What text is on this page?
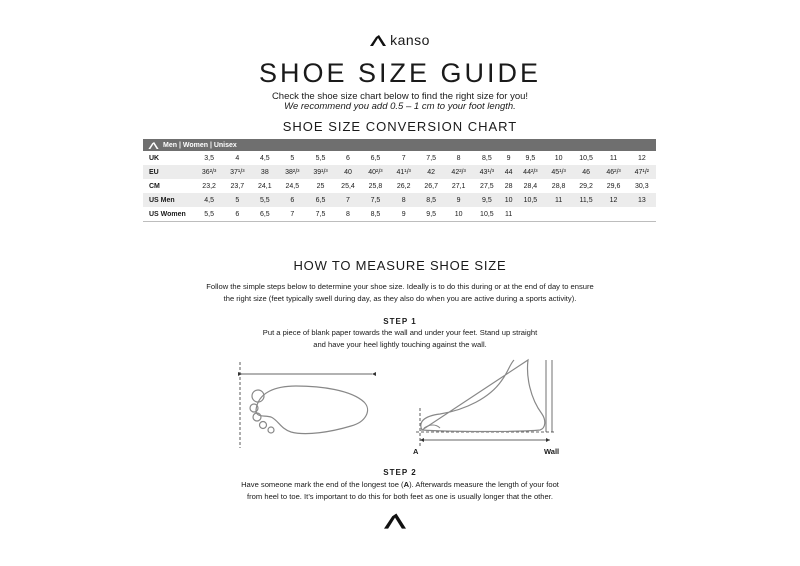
kanso
SHOE SIZE GUIDE
Check the shoe size chart below to find the right size for you!
We recommend you add 0.5 – 1 cm to your foot length.
SHOE SIZE CONVERSION CHART
Men | Women | Unisex																	

UK	3,5	4	4,5	5	5,5	6	6,5	7	7,5	8	8,5	9	9,5	10	10,5	11	12
EU	36²/³	37¹/³	38	38²/³	39¹/³	40	40²/³	41¹/³	42	42²/³	43¹/³	44	44²/³	45¹/³	46	46²/³	47¹/²
CM	23,2	23,7	24,1	24,5	25	25,4	25,8	26,2	26,7	27,1	27,5	28	28,4	28,8	29,2	29,6	30,3
US Men	4,5	5	5,5	6	6,5	7	7,5	8	8,5	9	9,5	10	10,5	11	11,5	12	13
US Women	5,5	6	6,5	7	7,5	8	8,5	9	9,5	10	10,5	11					
HOW TO MEASURE SHOE SIZE
Follow the simple steps below to determine your shoe size. Ideally is to do this during or at the end of day to ensure
the right size (feet typically swell during day, as they also do when you are active during a sports activity).
STEP 1
Put a piece of blank paper towards the wall and under your feet. Stand up straight
and have your heel lightly touching against the wall.
A	Wall
STEP 2
Have someone mark the end of the longest toe (A). Afterwards measure the length of your foot
from heel to toe. It’s important to do this for both feet as one is usually longer that the other.
